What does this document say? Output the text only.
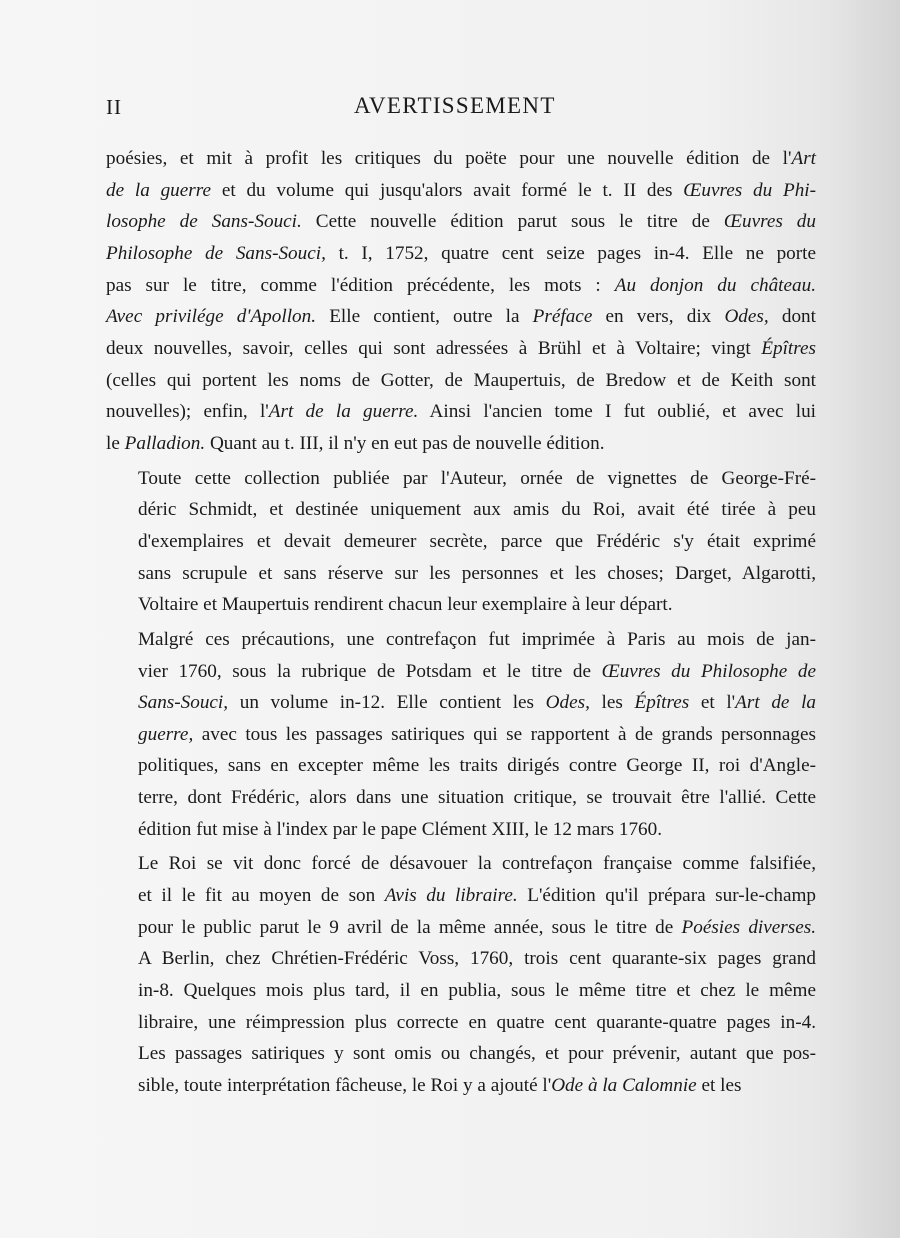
II	AVERTISSEMENT

poésies, et mit à profit les critiques du poëte pour une nouvelle édition de l'Art
de la guerre et du volume qui jusqu'alors avait formé le t. II des Œuvres du Phi-
losophe de Sans-Souci. Cette nouvelle édition parut sous le titre de Œuvres du
Philosophe de Sans-Souci, t. I, 1752, quatre cent seize pages in-4. Elle ne porte
pas sur le titre, comme l'édition précédente, les mots : Au donjon du château.
Avec privilége d'Apollon. Elle contient, outre la Préface en vers, dix Odes, dont
deux nouvelles, savoir, celles qui sont adressées à Brühl et à Voltaire; vingt Épîtres
(celles qui portent les noms de Gotter, de Maupertuis, de Bredow et de Keith sont
nouvelles); enfin, l'Art de la guerre. Ainsi l'ancien tome I fut oublié, et avec lui
le Palladion. Quant au t. III, il n'y en eut pas de nouvelle édition.

Toute cette collection publiée par l'Auteur, ornée de vignettes de George-Fré-
déric Schmidt, et destinée uniquement aux amis du Roi, avait été tirée à peu
d'exemplaires et devait demeurer secrète, parce que Frédéric s'y était exprimé
sans scrupule et sans réserve sur les personnes et les choses; Darget, Algarotti,
Voltaire et Maupertuis rendirent chacun leur exemplaire à leur départ.

Malgré ces précautions, une contrefaçon fut imprimée à Paris au mois de jan-
vier 1760, sous la rubrique de Potsdam et le titre de Œuvres du Philosophe de
Sans-Souci, un volume in-12. Elle contient les Odes, les Épîtres et l'Art de la
guerre, avec tous les passages satiriques qui se rapportent à de grands personnages
politiques, sans en excepter même les traits dirigés contre George II, roi d'Angle-
terre, dont Frédéric, alors dans une situation critique, se trouvait être l'allié. Cette
édition fut mise à l'index par le pape Clément XIII, le 12 mars 1760.

Le Roi se vit donc forcé de désavouer la contrefaçon française comme falsifiée,
et il le fit au moyen de son Avis du libraire. L'édition qu'il prépara sur-le-champ
pour le public parut le 9 avril de la même année, sous le titre de Poésies diverses.
A Berlin, chez Chrétien-Frédéric Voss, 1760, trois cent quarante-six pages grand
in-8. Quelques mois plus tard, il en publia, sous le même titre et chez le même
libraire, une réimpression plus correcte en quatre cent quarante-quatre pages in-4.
Les passages satiriques y sont omis ou changés, et pour prévenir, autant que pos-
sible, toute interprétation fâcheuse, le Roi y a ajouté l'Ode à la Calomnie et les
